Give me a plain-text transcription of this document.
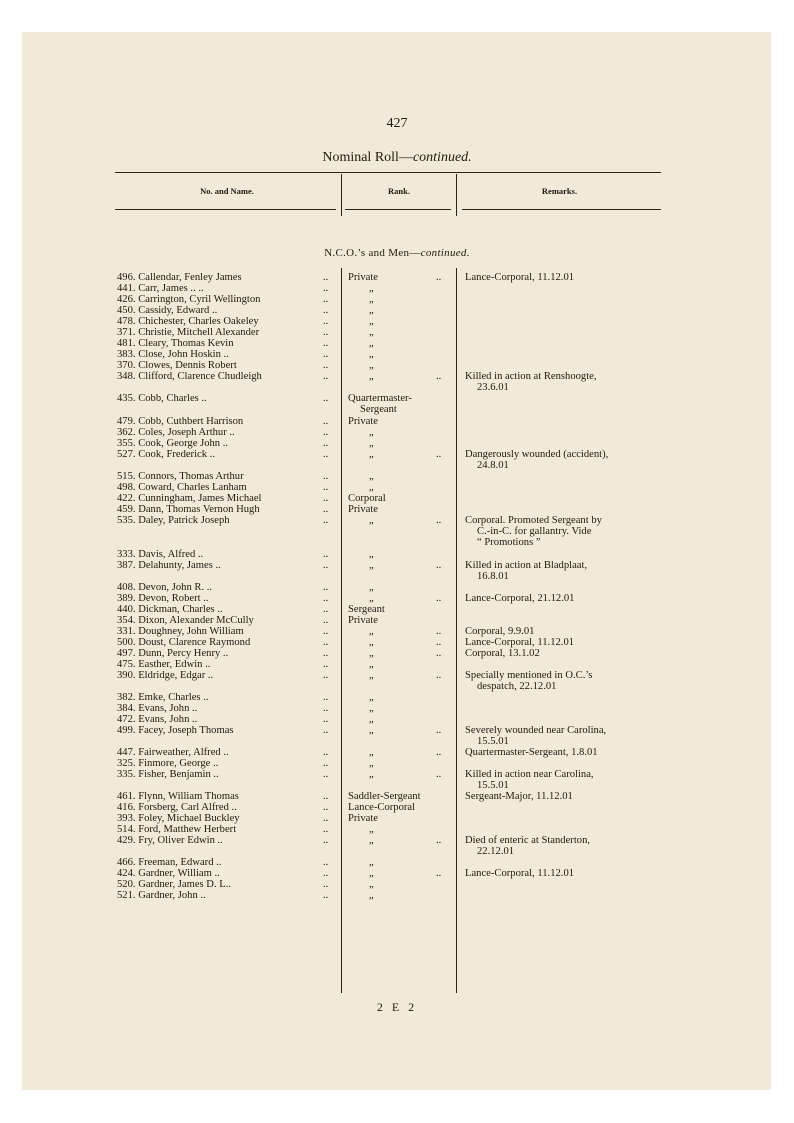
427
Nominal Roll—continued.
No. and Name.	Rank.	Remarks.
N.C.O.’s and Men—continued.
496. Callendar, Fenley James	.. Private	.. Lance-Corporal, 11.12.01
441. Carr, James .. ..	..	„
426. Carrington, Cyril Wellington	..	„
450. Cassidy, Edward ..	..	„
478. Chichester, Charles Oakeley	..	„
371. Christie, Mitchell Alexander	..	„
481. Cleary, Thomas Kevin	..	„
383. Close, John Hoskin ..	..	„
370. Clowes, Dennis Robert	..	„
348. Clifford, Clarence Chudleigh	..	„	.. Killed in action at Renshoogte,
23.6.01
435. Cobb, Charles ..	.. Quartermaster-
Sergeant
479. Cobb, Cuthbert Harrison	.. Private
362. Coles, Joseph Arthur ..	..	„
355. Cook, George John ..	..	„
527. Cook, Frederick ..	..	„	.. Dangerously wounded (accident),
24.8.01
515. Connors, Thomas Arthur	..	„
498. Coward, Charles Lanham	..	„
422. Cunningham, James Michael	.. Corporal
459. Dann, Thomas Vernon Hugh	.. Private
535. Daley, Patrick Joseph	..	„	.. Corporal. Promoted Sergeant by
C.-in-C. for gallantry. Vide
“ Promotions ”
333. Davis, Alfred ..	..	„
387. Delahunty, James ..	..	„	.. Killed in action at Bladplaat,
16.8.01
408. Devon, John R. ..	..	„
389. Devon, Robert ..	..	„	.. Lance-Corporal, 21.12.01
440. Dickman, Charles ..	.. Sergeant
354. Dixon, Alexander McCully	.. Private
331. Doughney, John William	..	„	.. Corporal, 9.9.01
500. Doust, Clarence Raymond	..	„	.. Lance-Corporal, 11.12.01
497. Dunn, Percy Henry ..	..	„	.. Corporal, 13.1.02
475. Easther, Edwin ..	..	„
390. Eldridge, Edgar ..	..	„	.. Specially mentioned in O.C.’s
despatch, 22.12.01
382. Emke, Charles ..	..	„
384. Evans, John ..	..	„
472. Evans, John ..	..	„
499. Facey, Joseph Thomas	..	„	.. Severely wounded near Carolina,
15.5.01
447. Fairweather, Alfred ..	..	„	.. Quartermaster-Sergeant, 1.8.01
325. Finmore, George ..	..	„
335. Fisher, Benjamin ..	..	„	.. Killed in action near Carolina,
15.5.01
461. Flynn, William Thomas	.. Saddler-Sergeant	Sergeant-Major, 11.12.01
416. Forsberg, Carl Alfred ..	.. Lance-Corporal
393. Foley, Michael Buckley	.. Private
514. Ford, Matthew Herbert	..	„
429. Fry, Oliver Edwin ..	..	„	.. Died of enteric at Standerton,
22.12.01
466. Freeman, Edward ..	..	„
424. Gardner, William ..	..	„	.. Lance-Corporal, 11.12.01
520. Gardner, James D. L..	..	„
521. Gardner, John ..	..	„
2 E 2
